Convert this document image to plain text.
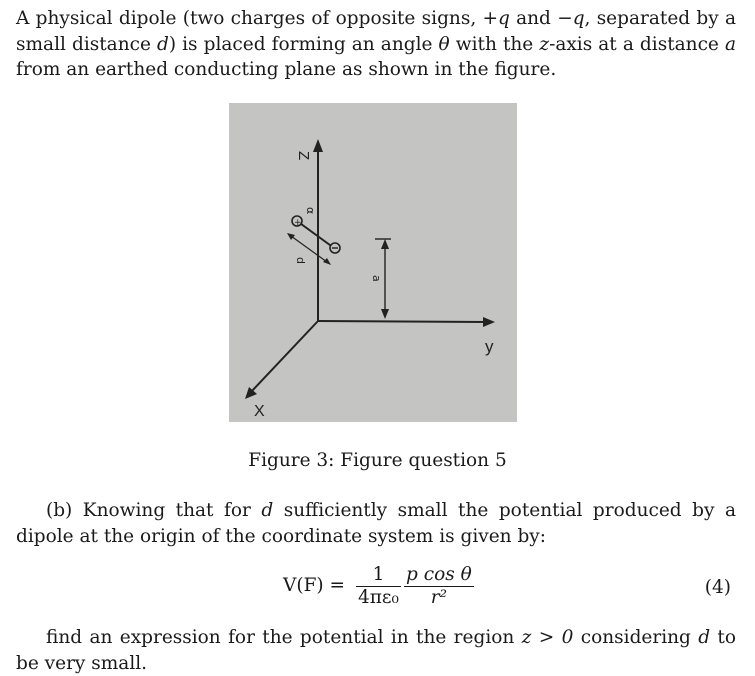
A physical dipole (two charges of opposite signs, +q and −q, separated by a small distance d) is placed forming an angle θ with the z-axis at a distance a from an earthed conducting plane as shown in the figure.
Z
y
X
+
α
d
a
Figure 3: Figure question 5
(b) Knowing that for d sufficiently small the potential produced by a dipole at the origin of the coordinate system is given by:
V(F) =
1
4πε₀
p cos θ
r²	(4)
find an expression for the potential in the region z > 0 considering d to be very small.
